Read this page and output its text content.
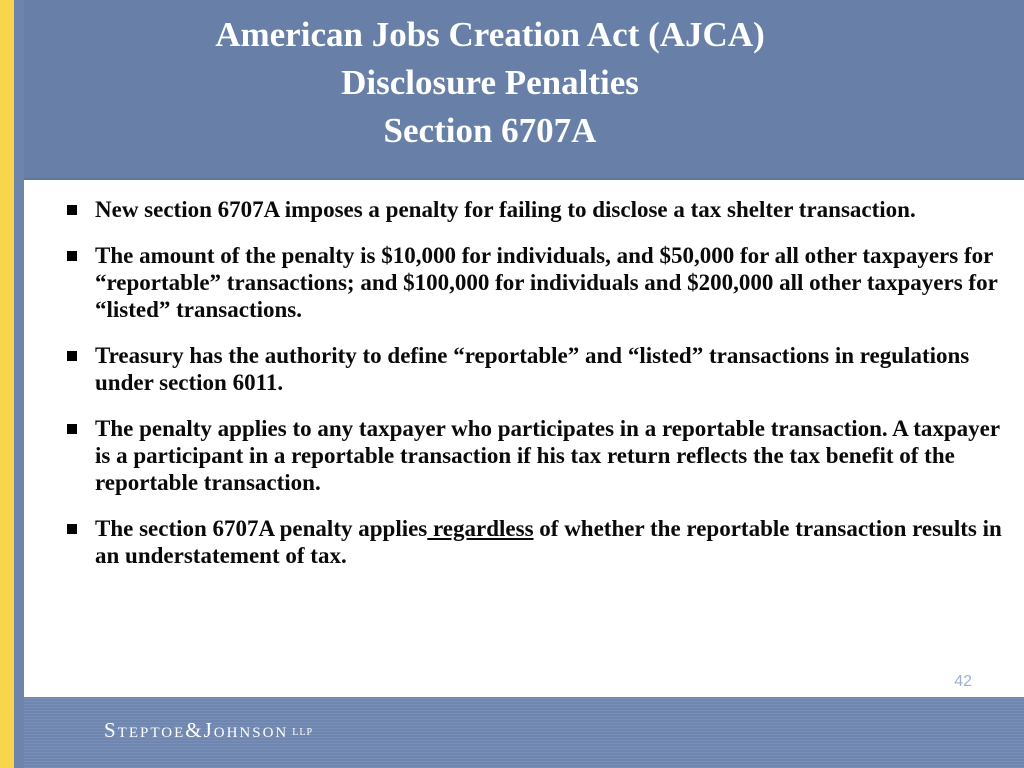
American Jobs Creation Act (AJCA)
Disclosure Penalties
Section 6707A
New section 6707A imposes a penalty for failing to disclose a tax shelter transaction.
The amount of the penalty is $10,000 for individuals, and $50,000 for all other taxpayers for “reportable” transactions; and $100,000 for individuals and $200,000 all other taxpayers for “listed” transactions.
Treasury has the authority to define “reportable” and “listed” transactions in regulations under section 6011.
The penalty applies to any taxpayer who participates in a reportable transaction. A taxpayer is a participant in a reportable transaction if his tax return reflects the tax benefit of the reportable transaction.
The section 6707A penalty applies regardless of whether the reportable transaction results in an understatement of tax.
42
Steptoe&Johnson LLP
